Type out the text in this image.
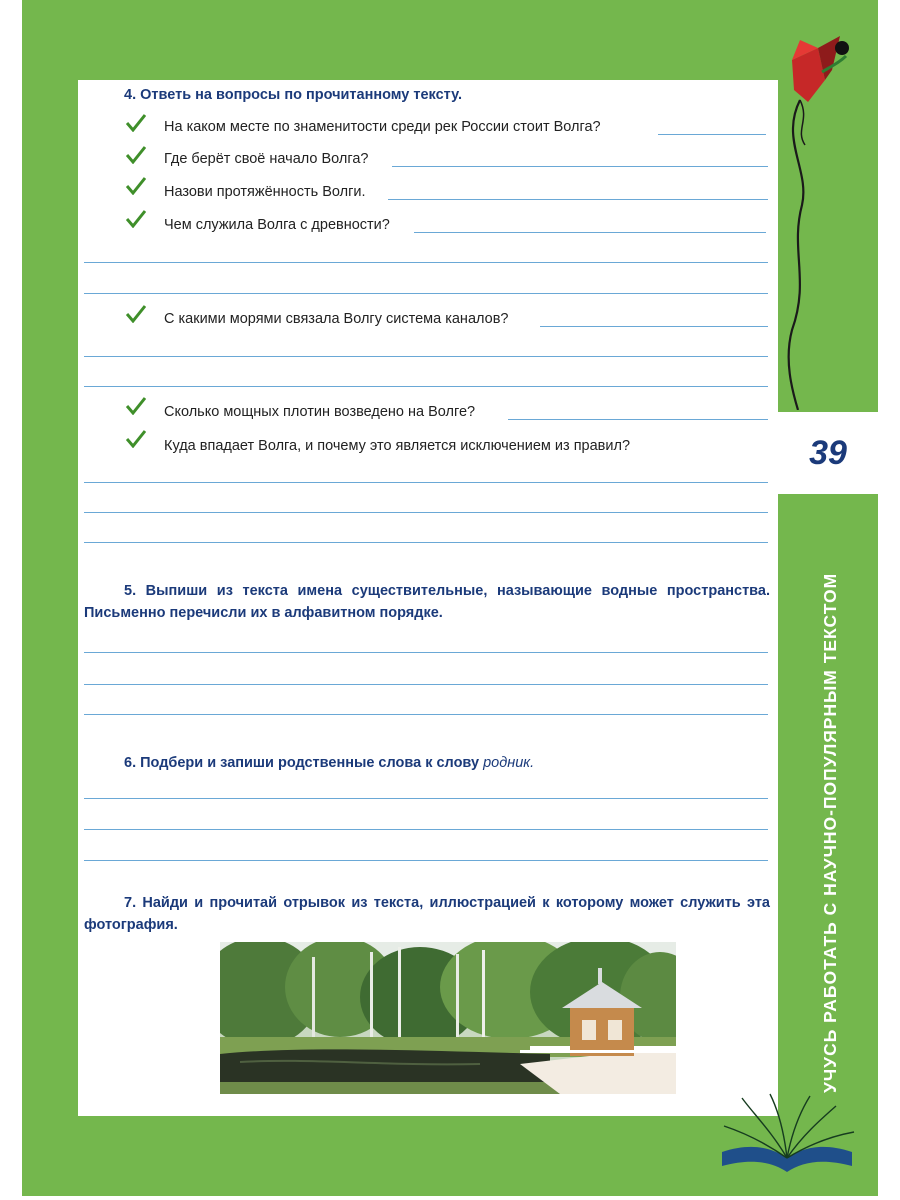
39
УЧУСЬ РАБОТАТЬ С НАУЧНО-ПОПУЛЯРНЫМ ТЕКСТОМ
4. Ответь на вопросы по прочитанному тексту.
На каком месте по знаменитости среди рек России стоит Волга?
Где берёт своё начало Волга?
Назови протяжённость Волги.
Чем служила Волга с древности?
С какими морями связала Волгу система каналов?
Сколько мощных плотин возведено на Волге?
Куда впадает Волга, и почему это является исключением из правил?
5. Выпиши из текста имена существительные, называющие водные пространства. Письменно перечисли их в алфавитном порядке.
6. Подбери и запиши родственные слова к слову родник.
7. Найди и прочитай отрывок из текста, иллюстрацией к которому может служить эта фотография.
